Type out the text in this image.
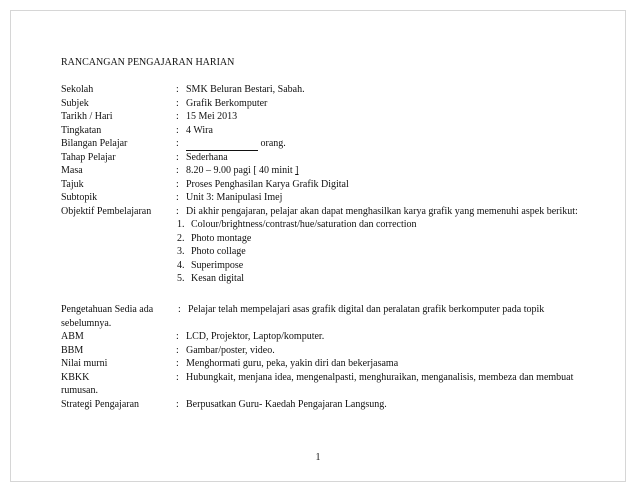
RANCANGAN PENGAJARAN HARIAN
Sekolah	: SMK Beluran Bestari, Sabah.
Subjek	: Grafik Berkomputer
Tarikh / Hari	: 15 Mei 2013
Tingkatan	: 4 Wira
Bilangan Pelajar	:	orang.
Tahap Pelajar	: Sederhana
Masa	: 8.20 – 9.00 pagi [ 40 minit ]
Tajuk	: Proses Penghasilan Karya Grafik Digital
Subtopik	: Unit 3: Manipulasi Imej
Objektif Pembelajaran	: Di akhir pengajaran, pelajar akan dapat menghasilkan karya grafik yang memenuhi aspek berikut:
1. Colour/brightness/contrast/hue/saturation dan correction
2. Photo montage
3. Photo collage
4. Superimpose
5. Kesan digital
Pengetahuan Sedia ada	: Pelajar telah mempelajari asas grafik digital dan peralatan grafik berkomputer pada topik
sebelumnya.
ABM	: LCD, Projektor, Laptop/komputer.
BBM	: Gambar/poster, video.
Nilai murni	: Menghormati guru, peka, yakin diri dan bekerjasama
KBKK	: Hubungkait, menjana idea, mengenalpasti, menghuraikan, menganalisis, membeza dan membuat
rumusan.
Strategi Pengajaran	: Berpusatkan Guru- Kaedah Pengajaran Langsung.
1
